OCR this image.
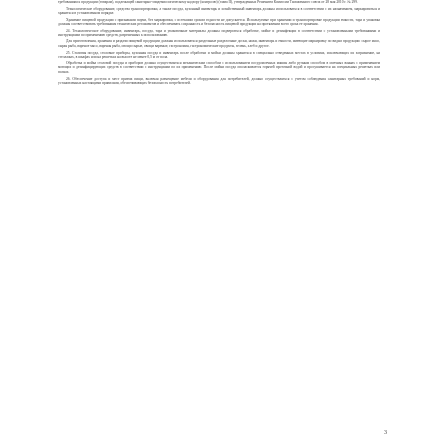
требованиям к продукции (товарам), подлежащей санитарно-эпидемиологическому надзору (контролю) (глава II), утвержденных Решением Комиссии Таможенного союза от 28 мая 2010 г. № 299.

Технологическое оборудование, средства транспортировки, а также посуда, кухонный инвентарь и хозяйственный инвентарь должны использоваться в соответствии с их назначением, маркироваться и храниться в установленном порядке.

Хранение пищевой продукции с признаками порчи, без маркировки, с истекшим сроком годности не допускается. Используемые при хранении и транспортировке продукции емкости, тара и упаковка должны соответствовать требованиям технических регламентов и обеспечивать сохранность и безопасность пищевой продукции на протяжении всего срока ее хранения.

24. Технологическое оборудование, инвентарь, посуда, тара и упаковочные материалы должны подвергаться обработке, мойке и дезинфекции в соответствии с установленными требованиями и инструкциями по применению средств, разрешенных к использованию.

Для приготовления, хранения и раздачи пищевой продукции должны использоваться раздельные разделочные доски, ножи, инвентарь и емкости, имеющие маркировку по видам продукции: сырое мясо, сырая рыба, вареное мясо, вареная рыба, овощи сырые, овощи вареные, гастрономия, гастрономические продукты, зелень, хлеб и другое.

25. Столовая посуда, столовые приборы, кухонная посуда и инвентарь после обработки и мойки должны храниться в специально отведенных местах в условиях, исключающих их загрязнение, на стеллажах, в шкафах или на решетках на высоте не менее 0,5 м от пола.

Обработка и мойка столовой посуды и приборов должна осуществляться механическим способом с использованием посудомоечных машин либо ручным способом в моечных ваннах с применением моющих и дезинфицирующих средств в соответствии с инструкциями по их применению. После мойки посуда ополаскивается горячей проточной водой и просушивается на специальных решетках или полках.

26. Обеспечение доступа и мест приема пищи, включая размещение мебели и оборудования для потребителей, должно осуществляться с учетом соблюдения санитарных требований и норм, установленных настоящими правилами, обеспечивающих безопасность потребителей.

3
